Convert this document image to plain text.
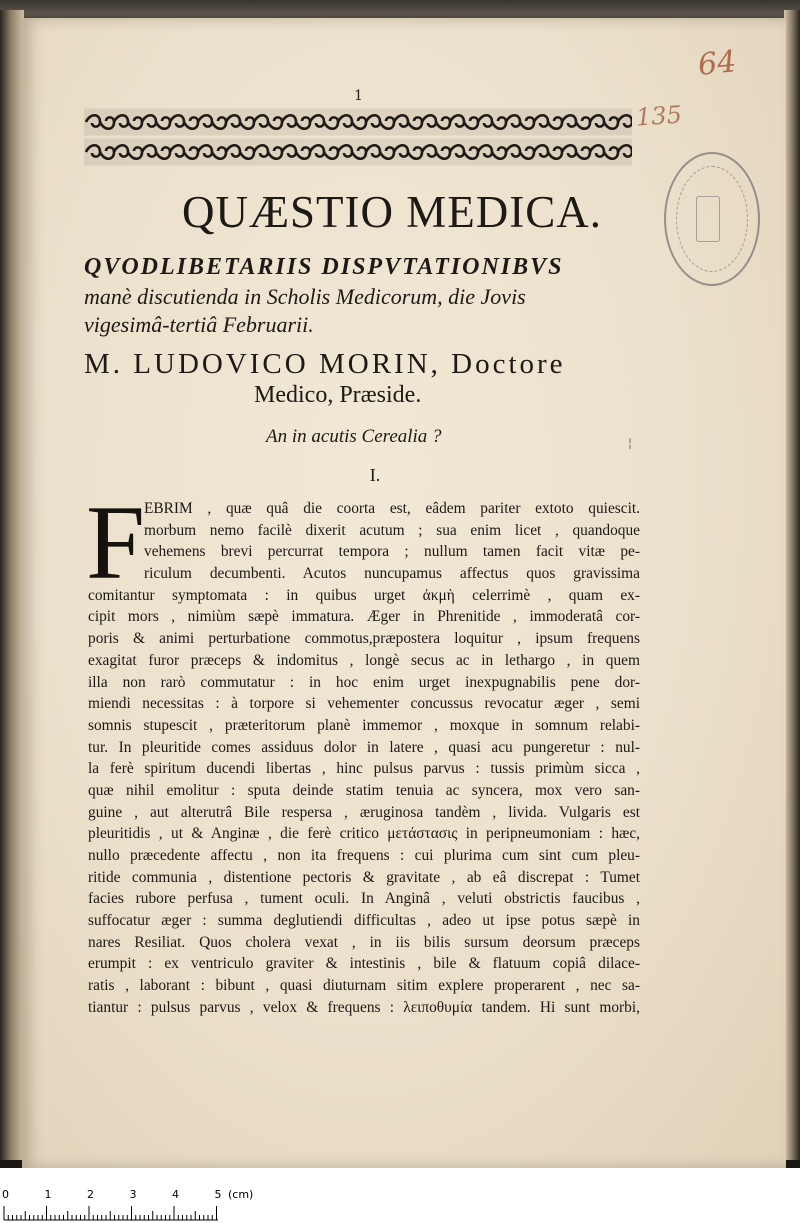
64
135
1
QUÆSTIO MEDICA.
QVODLIBETARIIS DISPVTATIONIBVS
manè discutienda in Scholis Medicorum, die Jovis
vigesimâ-tertiâ Februarii.
M. LUDOVICO MORIN, Doctore
Medico, Præside.
An in acutis Cerealia ?	¦
I.
F EBRIM , quæ quâ die coorta est, eâdem pariter extoto quiescit.
morbum nemo facilè dixerit acutum ; sua enim licet , quandoque
vehemens brevi percurrat tempora ; nullum tamen facit vitæ pe-
riculum decumbenti. Acutos nuncupamus affectus quos gravissima
comitantur symptomata : in quibus urget ἀκμὴ celerrimè , quam ex-
cipit mors , nimiùm sæpè immatura. Æger in Phrenitide , immoderatâ cor-
poris & animi perturbatione commotus,præpostera loquitur , ipsum frequens
exagitat furor præceps & indomitus , longè secus ac in lethargo , in quem
illa non rarò commutatur : in hoc enim urget inexpugnabilis pene dor-
miendi necessitas : à torpore si vehementer concussus revocatur æger , semi
somnis stupescit , præteritorum planè immemor , moxque in somnum relabi-
tur. In pleuritide comes assiduus dolor in latere , quasi acu pungeretur : nul-
la ferè spiritum ducendi libertas , hinc pulsus parvus : tussis primùm sicca ,
quæ nihil emolitur : sputa deinde statim tenuia ac syncera, mox vero san-
guine , aut alterutrâ Bile respersa , æruginosa tandèm , livida. Vulgaris est
pleuritidis , ut & Anginæ , die ferè critico μετάστασις in peripneumoniam : hæc,
nullo præcedente affectu , non ita frequens : cui plurima cum sint cum pleu-
ritide communia , distentione pectoris & gravitate , ab eâ discrepat : Tumet
facies rubore perfusa , tument oculi. In Anginâ , veluti obstrictis faucibus ,
suffocatur æger : summa deglutiendi difficultas , adeo ut ipse potus sæpè in
nares Resiliat. Quos cholera vexat , in iis bilis sursum deorsum præceps
erumpit : ex ventriculo graviter & intestinis , bile & flatuum copiâ dilace-
ratis , laborant : bibunt , quasi diuturnam sitim explere properarent , nec sa-
tiantur : pulsus parvus , velox & frequens : λειποθυμία tandem. Hi sunt morbi,
0	1	2	3	4	5 (cm)
